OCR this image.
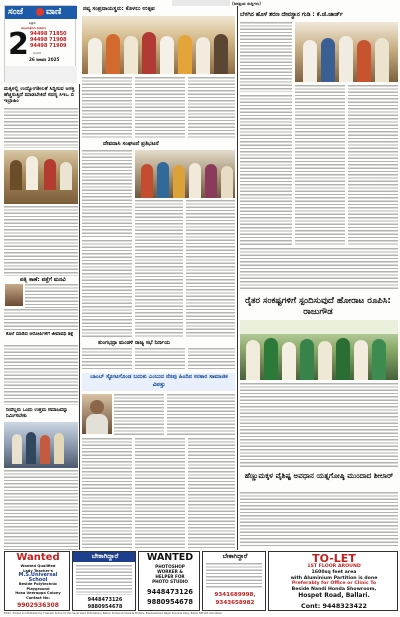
ಸಂಜೆ	ವಾಣಿ
ಬಳ್ಳಾರಿ
ಜಾಹೀರಾತಿಗಾಗಿ ಸಂಪರ್ಕಿಸಿ
94498 71850
94498 71908
94498 71909
2 ರವಿವಾರ
26 ಜನವರಿ 2025
(ಜನಪ್ರಿಯ ಸುದ್ದಿಗಳು)
ಮಕ್ಕಳಲ್ಲಿ ಉದ್ಯೋಗಶೀಲತೆ ಸಿದ್ಧಿಸುವ ಆಸಕ್ತಿ ಹೆಚ್ಚಿಸುತ್ತಿದೆ ಮಾಡಬೇಕಿದೆ ಸದಸ್ಯ ಸಿಇಒ ಬಿ ಇಬ್ರಾಹಿಂ
ಪತ್ನಿ ಕಾಣೆ: ಪತ್ತೆಗೆ ಮನವಿ
ಕೊಲೆ ಮಾಡಿದ ಆರೋಪಿಗಳಿಗೆ ಜೀವಾವಧಿ ಶಿಕ್ಷೆ
ನೀವೆಲ್ಲರು ಒಂದು ಉತ್ತಮ ಸಮಾಜವನ್ನು ನಿರ್ಮಿಸಬೇಕು
ನವ್ಯ ಸಂಪ್ರದಾಯಸ್ಥರು: ಕೊಳಲು ಉತ್ಸವ
ದೇವದಾಸಿ ಸಂಘಟನೆ ಪ್ರತಿಭಟನೆ
ತುಂಗಭದ್ರಾ ಮಂಡಳಿ ರಾಜ್ಯ ಸಭೆ ನಿರ್ಣಯ
ಬಾಂಬ್ ಸ್ಫೋಟಗೊಂಡ ಬದುಕು ಎಂಬುದ ನೆನಪು ಹಿಂದಿನ ಸರಕಾರ ಸಾಮಾಜಿಕ ವಿಪತ್ತು
ಬೆಳಗಿನ ಹೊಳೆ ಶರಣ ದೇವಸ್ಥಾನ ಗುಡಿ : ಕೆ.ಜೆ.ಜಾರ್ಜ್
ರೈತರ ಸಂಕಷ್ಟಗಳಿಗೆ ಸ್ಪಂದಿಸುವುದೆ ಹೋರಾಟ ರೂಪಿಸಿ: ರಾಜುಗೌಡ
ಹೆಣ್ಣುಮಕ್ಕಳ ವೈಶಿಷ್ಟ ಅವಧಾನ ಯತ್ನಗೋಷ್ಠಿ ಮುಂದಾದ ಶೀಲಾರ್
Wanted
Wanted Qualified
Lady Teacher's
M.S.Universal
School
Beside Polytechnic Playground
Hosa Veerappa Colony
Contact No:
9902936308
ಬೇಕಾಗಿದ್ದಾರೆ
9448473126
9880954678
WANTED
PHOTOSHOP
WORKER &
HELPER FOR
PHOTO STUDIO
9448473126
9880954678
ಬೇಕಾಗಿದ್ದಾರೆ
9341689998,
9343658982
TO-LET
1ST FLOOR AROUND
1600sq feet area
with Aluminium Partition is done
Preferably for Office or Clinic To
Beside Nandi Honda Showroom,
Hospet Road, Ballari.
Cont: 9448323422
Editor, Printed and Published by T.Ganesh Kumar for M/s Sanje Vaani Publications, Ballari, Printed at Sharada Printers, Basaveshwara Nagar Kannada Daily, Ballari 583103, Karnataka
